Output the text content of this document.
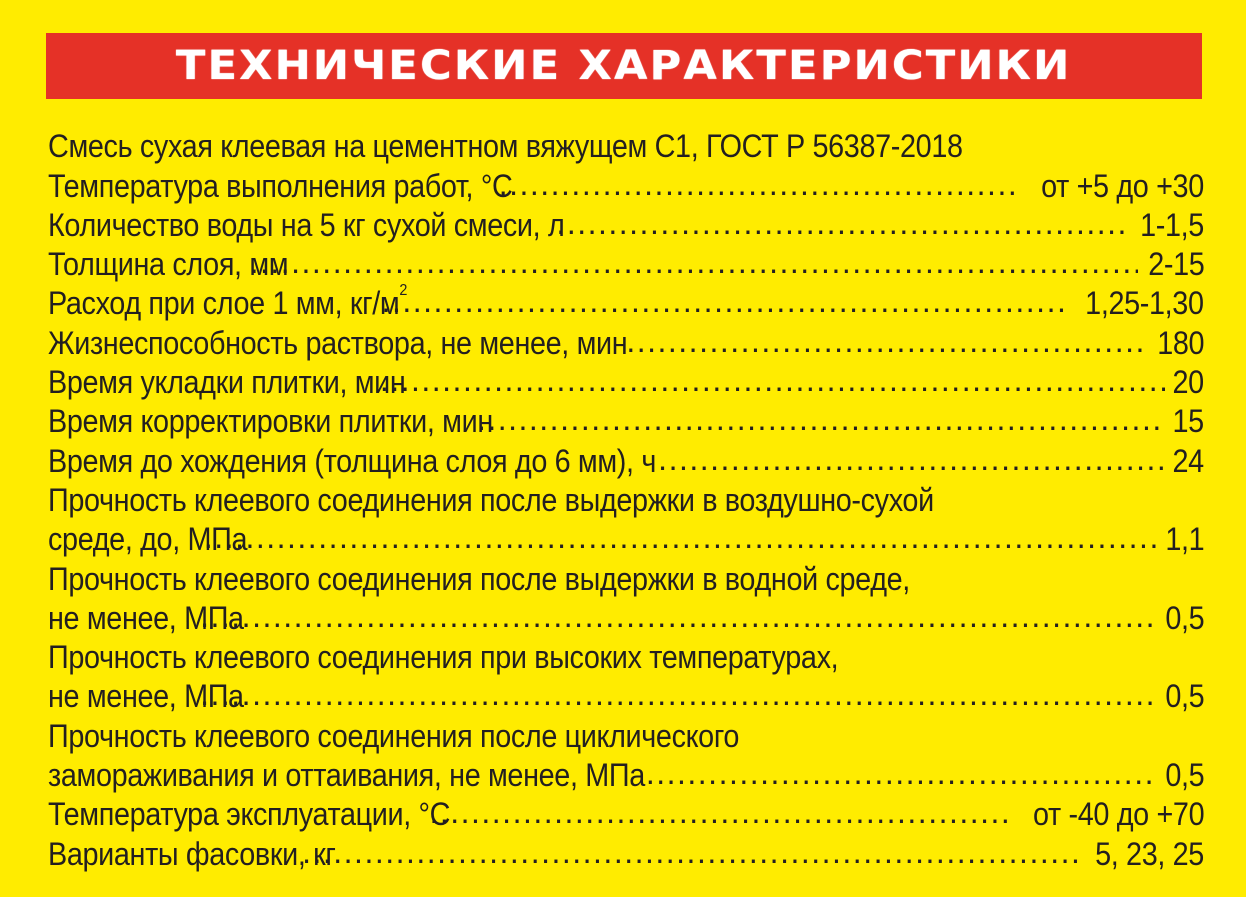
ТЕХНИЧЕСКИЕ ХАРАКТЕРИСТИКИ
Смесь сухая клеевая на цементном вяжущем С1, ГОСТ Р 56387-2018
Температура выполнения работ, °С .....	от +5 до +30
Количество воды на 5 кг сухой смеси, л .....	1-1,5
Толщина слоя, мм .....	2-15
Расход при слое 1 мм, $кг/м^2$ .....	1,25-1,30
Жизнеспособность раствора, не менее, мин .....	180
Время укладки плитки, мин .....	20
Время корректировки плитки, мин .....	15
Время до хождения (толщина слоя до 6 мм), ч .....	24
Прочность клеевого соединения после выдержки в воздушно-сухой
среде, до, МПа .....	1,1
Прочность клеевого соединения после выдержки в водной среде,
не менее, МПа .....	0,5
Прочность клеевого соединения при высоких температурах,
не менее, МПа .....	0,5
Прочность клеевого соединения после циклического
замораживания и оттаивания, не менее, МПа .....	0,5
Температура эксплуатации, °С .....	от -40 до +70
Варианты фасовки, кг .....	5, 23, 25
